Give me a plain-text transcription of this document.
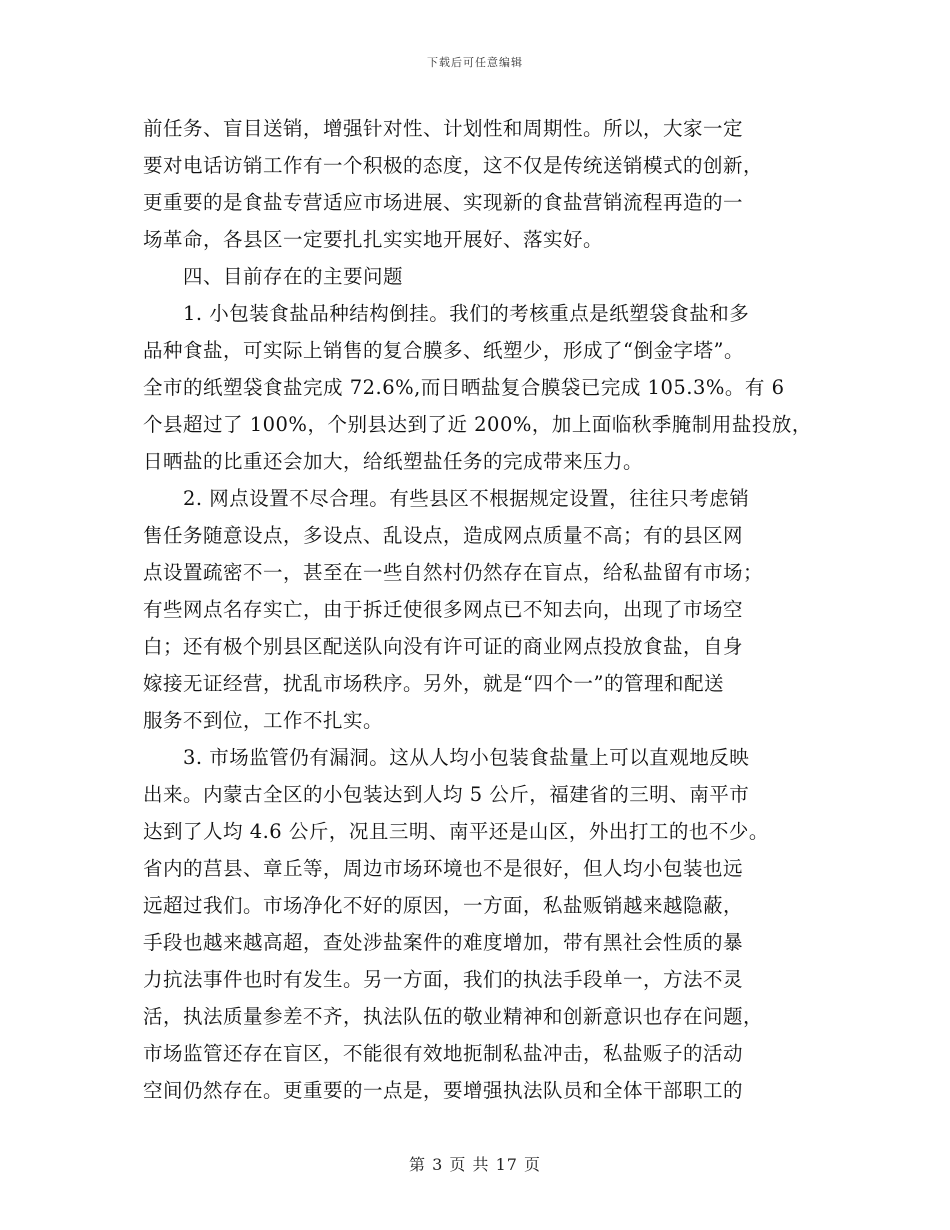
下载后可任意编辑
前任务、盲目送销，增强针对性、计划性和周期性。所以，大家一定
要对电话访销工作有一个积极的态度，这不仅是传统送销模式的创新，
更重要的是食盐专营适应市场进展、实现新的食盐营销流程再造的一
场革命，各县区一定要扎扎实实地开展好、落实好。
　　四、目前存在的主要问题
　　1. 小包装食盐品种结构倒挂。我们的考核重点是纸塑袋食盐和多
品种食盐，可实际上销售的复合膜多、纸塑少，形成了“倒金字塔”。
全市的纸塑袋食盐完成 72.6%,而日晒盐复合膜袋已完成 105.3%。有 6
个县超过了 100%，个别县达到了近 200%，加上面临秋季腌制用盐投放，
日晒盐的比重还会加大，给纸塑盐任务的完成带来压力。
　　2. 网点设置不尽合理。有些县区不根据规定设置，往往只考虑销
售任务随意设点，多设点、乱设点，造成网点质量不高；有的县区网
点设置疏密不一，甚至在一些自然村仍然存在盲点，给私盐留有市场；
有些网点名存实亡，由于拆迁使很多网点已不知去向，出现了市场空
白；还有极个别县区配送队向没有许可证的商业网点投放食盐，自身
嫁接无证经营，扰乱市场秩序。另外，就是“四个一”的管理和配送
服务不到位，工作不扎实。
　　3. 市场监管仍有漏洞。这从人均小包装食盐量上可以直观地反映
出来。内蒙古全区的小包装达到人均 5 公斤，福建省的三明、南平市
达到了人均 4.6 公斤，况且三明、南平还是山区，外出打工的也不少。
省内的莒县、章丘等，周边市场环境也不是很好，但人均小包装也远
远超过我们。市场净化不好的原因，一方面，私盐贩销越来越隐蔽，
手段也越来越高超，查处涉盐案件的难度增加，带有黑社会性质的暴
力抗法事件也时有发生。另一方面，我们的执法手段单一，方法不灵
活，执法质量参差不齐，执法队伍的敬业精神和创新意识也存在问题，
市场监管还存在盲区，不能很有效地扼制私盐冲击，私盐贩子的活动
空间仍然存在。更重要的一点是，要增强执法队员和全体干部职工的
第 3 页 共 17 页
